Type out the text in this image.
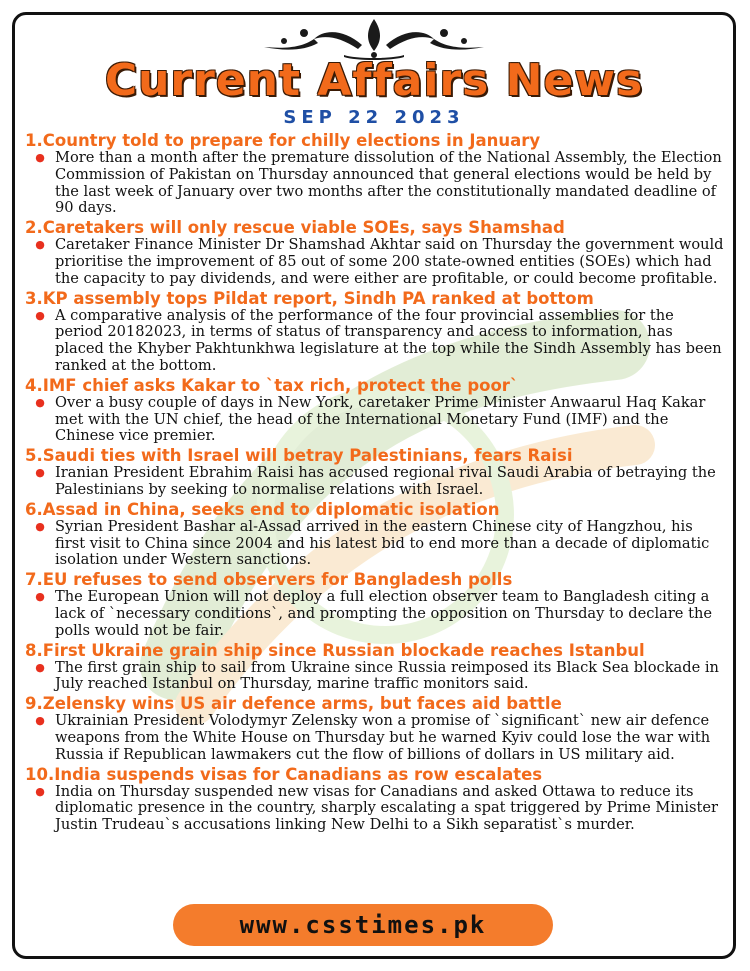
Current Affairs News
SEP 22 2023
1.Country told to prepare for chilly elections in January
● More than a month after the premature dissolution of the National Assembly, the Election Commission of Pakistan on Thursday announced that general elections would be held by the last week of January over two months after the constitutionally mandated deadline of 90 days.
2.Caretakers will only rescue viable SOEs, says Shamshad
● Caretaker Finance Minister Dr Shamshad Akhtar said on Thursday the government would prioritise the improvement of 85 out of some 200 state-owned entities (SOEs) which had the capacity to pay dividends, and were either are profitable, or could become profitable.
3.KP assembly tops Pildat report, Sindh PA ranked at bottom
● A comparative analysis of the performance of the four provincial assemblies for the period 20182023, in terms of status of transparency and access to information, has placed the Khyber Pakhtunkhwa legislature at the top while the Sindh Assembly has been ranked at the bottom.
4.IMF chief asks Kakar to `tax rich, protect the poor`
● Over a busy couple of days in New York, caretaker Prime Minister Anwaarul Haq Kakar met with the UN chief, the head of the International Monetary Fund (IMF) and the Chinese vice premier.
5.Saudi ties with Israel will betray Palestinians, fears Raisi
● Iranian President Ebrahim Raisi has accused regional rival Saudi Arabia of betraying the Palestinians by seeking to normalise relations with Israel.
6.Assad in China, seeks end to diplomatic isolation
● Syrian President Bashar al-Assad arrived in the eastern Chinese city of Hangzhou, his first visit to China since 2004 and his latest bid to end more than a decade of diplomatic isolation under Western sanctions.
7.EU refuses to send observers for Bangladesh polls
● The European Union will not deploy a full election observer team to Bangladesh citing a lack of `necessary conditions`, and prompting the opposition on Thursday to declare the polls would not be fair.
8.First Ukraine grain ship since Russian blockade reaches Istanbul
● The first grain ship to sail from Ukraine since Russia reimposed its Black Sea blockade in July reached Istanbul on Thursday, marine traffic monitors said.
9.Zelensky wins US air defence arms, but faces aid battle
● Ukrainian President Volodymyr Zelensky won a promise of `significant` new air defence weapons from the White House on Thursday but he warned Kyiv could lose the war with Russia if Republican lawmakers cut the flow of billions of dollars in US military aid.
10.India suspends visas for Canadians as row escalates
● India on Thursday suspended new visas for Canadians and asked Ottawa to reduce its diplomatic presence in the country, sharply escalating a spat triggered by Prime Minister Justin Trudeau`s accusations linking New Delhi to a Sikh separatist`s murder.
www.csstimes.pk
